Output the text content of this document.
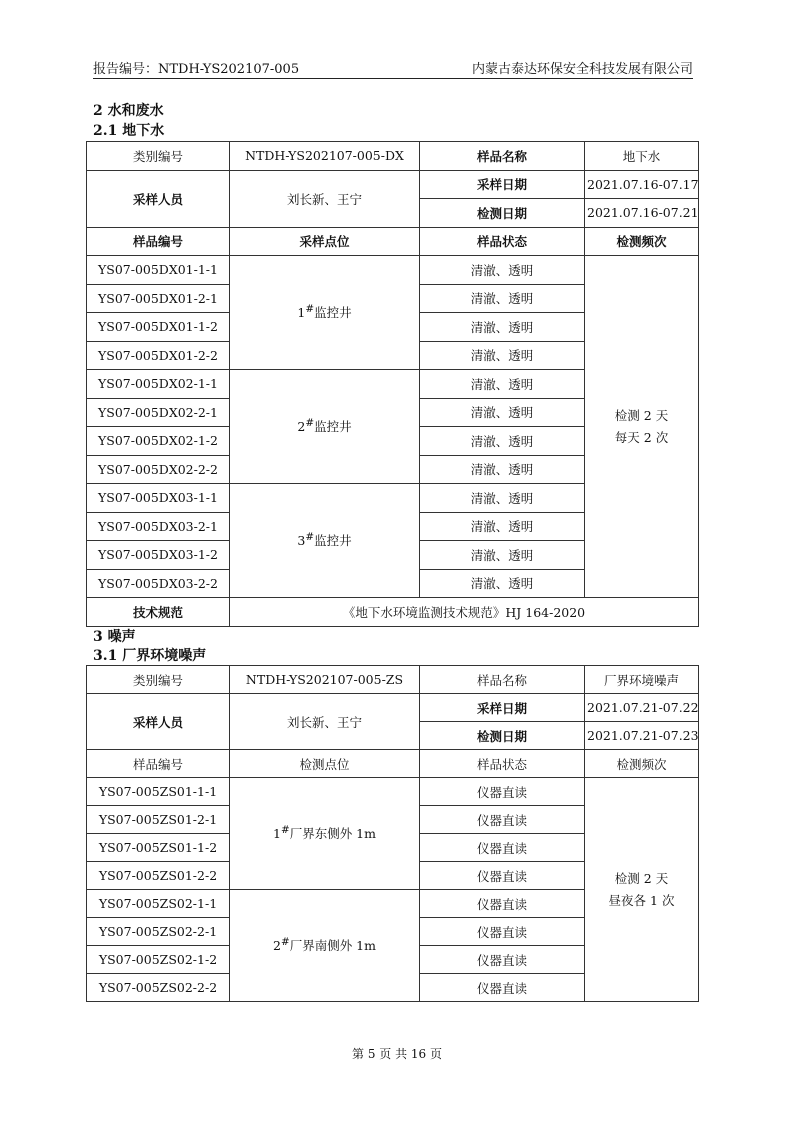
报告编号：NTDH-YS202107-005	内蒙古泰达环保安全科技发展有限公司
2 水和废水
2.1 地下水
类别编号	NTDH-YS202107-005-DX	样品名称	地下水
采样人员	刘长新、王宁	采样日期	2021.07.16-07.17
		检测日期	2021.07.16-07.21
样品编号	采样点位	样品状态	检测频次
YS07-005DX01-1-1	1#监控井	清澈、透明	检测 2 天
每天 2 次

YS07-005DX01-2-1		清澈、透明	
YS07-005DX01-1-2		清澈、透明	
YS07-005DX01-2-2		清澈、透明	
YS07-005DX02-1-1	2#监控井	清澈、透明	
YS07-005DX02-2-1		清澈、透明	
YS07-005DX02-1-2		清澈、透明	
YS07-005DX02-2-2		清澈、透明	
YS07-005DX03-1-1	3#监控井	清澈、透明	
YS07-005DX03-2-1		清澈、透明	
YS07-005DX03-1-2		清澈、透明	
YS07-005DX03-2-2		清澈、透明	
技术规范	《地下水环境监测技术规范》HJ 164-2020		
3 噪声
3.1 厂界环境噪声
类别编号	NTDH-YS202107-005-ZS	样品名称	厂界环境噪声
采样人员	刘长新、王宁	采样日期	2021.07.21-07.22
		检测日期	2021.07.21-07.23
样品编号	检测点位	样品状态	检测频次
YS07-005ZS01-1-1	1#厂界东侧外 1m	仪器直读	检测 2 天
昼夜各 1 次

YS07-005ZS01-2-1		仪器直读	
YS07-005ZS01-1-2		仪器直读	
YS07-005ZS01-2-2		仪器直读	
YS07-005ZS02-1-1	2#厂界南侧外 1m	仪器直读	
YS07-005ZS02-2-1		仪器直读	
YS07-005ZS02-1-2		仪器直读	
YS07-005ZS02-2-2		仪器直读	
第 5 页 共 16 页
